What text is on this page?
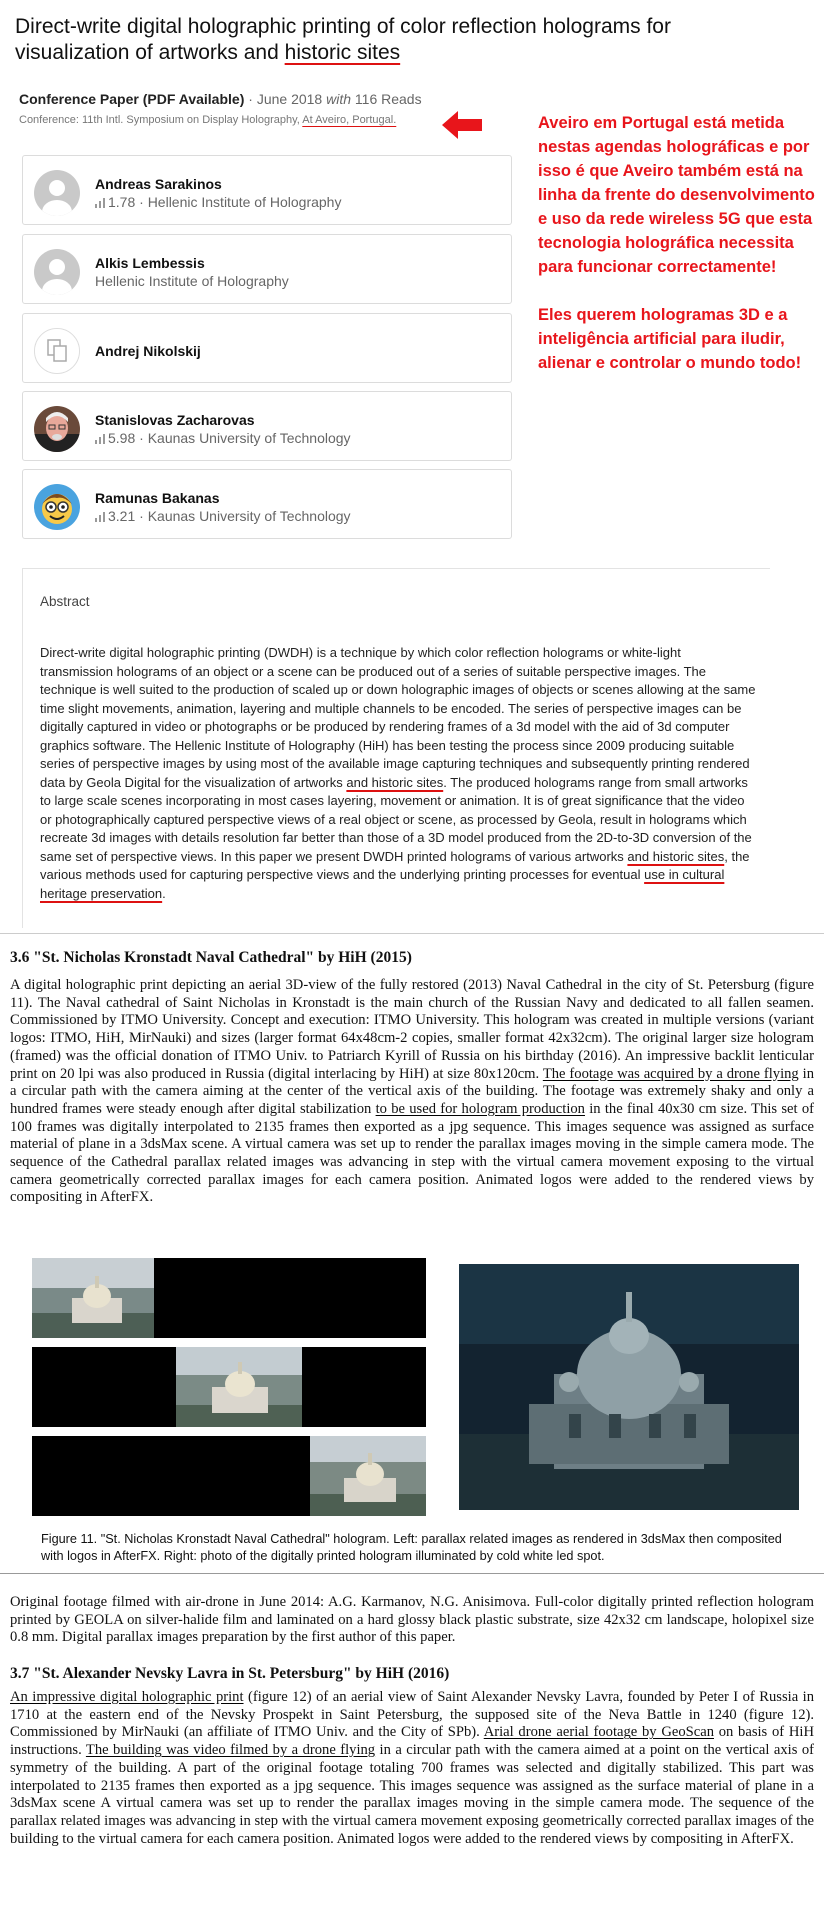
Direct-write digital holographic printing of color reflection holograms for visualization of artworks and historic sites
Conference Paper (PDF Available) · June 2018 with 116 Reads
Conference: 11th Intl. Symposium on Display Holography, At Aveiro, Portugal.	Aveiro em Portugal está metida nestas agendas holográficas e por isso é que Aveiro também está na linha da frente do desenvolvimento e uso da rede wireless 5G que esta tecnologia holográfica necessita para funcionar correctamente!

Eles querem hologramas 3D e a inteligência artificial para iludir, alienar e controlar o mundo todo!

Andreas Sarakinos
1.78 · Hellenic Institute of Holography
Alkis Lembessis
Hellenic Institute of Holography
Andrej Nikolskij
Stanislovas Zacharovas
5.98 · Kaunas University of Technology
Ramunas Bakanas
3.21 · Kaunas University of Technology
Abstract
Direct-write digital holographic printing (DWDH) is a technique by which color reflection holograms or white-light transmission holograms of an object or a scene can be produced out of a series of suitable perspective images. The technique is well suited to the production of scaled up or down holographic images of objects or scenes allowing at the same time slight movements, animation, layering and multiple channels to be encoded. The series of perspective images can be digitally captured in video or photographs or be produced by rendering frames of a 3d model with the aid of 3d computer graphics software. The Hellenic Institute of Holography (HiH) has been testing the process since 2009 producing suitable series of perspective images by using most of the available image capturing techniques and subsequently printing rendered data by Geola Digital for the visualization of artworks and historic sites. The produced holograms range from small artworks to large scale scenes incorporating in most cases layering, movement or animation. It is of great significance that the video or photographically captured perspective views of a real object or scene, as processed by Geola, result in holograms which recreate 3d images with details resolution far better than those of a 3D model produced from the 2D-to-3D conversion of the same set of perspective views. In this paper we present DWDH printed holograms of various artworks and historic sites, the various methods used for capturing perspective views and the underlying printing processes for eventual use in cultural heritage preservation.
3.6 "St. Nicholas Kronstadt Naval Cathedral" by HiH (2015)
A digital holographic print depicting an aerial 3D-view of the fully restored (2013) Naval Cathedral in the city of St. Petersburg (figure 11). The Naval cathedral of Saint Nicholas in Kronstadt is the main church of the Russian Navy and dedicated to all fallen seamen. Commissioned by ITMO University. Concept and execution: ITMO University. This hologram was created in multiple versions (variant logos: ITMO, HiH, MirNauki) and sizes (larger format 64x48cm-2 copies, smaller format 42x32cm). The original larger size hologram (framed) was the official donation of ITMO Univ. to Patriarch Kyrill of Russia on his birthday (2016). An impressive backlit lenticular print on 20 lpi was also produced in Russia (digital interlacing by HiH) at size 80x120cm. The footage was acquired by a drone flying in a circular path with the camera aiming at the center of the vertical axis of the building. The footage was extremely shaky and only a hundred frames were steady enough after digital stabilization to be used for hologram production in the final 40x30 cm size. This set of 100 frames was digitally interpolated to 2135 frames then exported as a jpg sequence. This images sequence was assigned as surface material of plane in a 3dsMax scene. A virtual camera was set up to render the parallax images moving in the simple camera mode. The sequence of the Cathedral parallax related images was advancing in step with the virtual camera movement exposing to the virtual camera geometrically corrected parallax images for each camera position. Animated logos were added to the rendered views by compositing in AfterFX.
Figure 11. "St. Nicholas Kronstadt Naval Cathedral" hologram. Left: parallax related images as rendered in 3dsMax then composited with logos in AfterFX. Right: photo of the digitally printed hologram illuminated by cold white led spot.
Original footage filmed with air-drone in June 2014: A.G. Karmanov, N.G. Anisimova. Full-color digitally printed reflection hologram printed by GEOLA on silver-halide film and laminated on a hard glossy black plastic substrate, size 42x32 cm landscape, holopixel size 0.8 mm. Digital parallax images preparation by the first author of this paper.
3.7 "St. Alexander Nevsky Lavra in St. Petersburg" by HiH (2016)
An impressive digital holographic print (figure 12) of an aerial view of Saint Alexander Nevsky Lavra, founded by Peter I of Russia in 1710 at the eastern end of the Nevsky Prospekt in Saint Petersburg, the supposed site of the Neva Battle in 1240 (figure 12). Commissioned by MirNauki (an affiliate of ITMO Univ. and the City of SPb). Arial drone aerial footage by GeoScan on basis of HiH instructions. The building was video filmed by a drone flying in a circular path with the camera aimed at a point on the vertical axis of symmetry of the building. A part of the original footage totaling 700 frames was selected and digitally stabilized. This part was interpolated to 2135 frames then exported as a jpg sequence. This images sequence was assigned as the surface material of plane in a 3dsMax scene A virtual camera was set up to render the parallax images moving in the simple camera mode. The sequence of the parallax related images was advancing in step with the virtual camera movement exposing geometrically corrected parallax images of the building to the virtual camera for each camera position. Animated logos were added to the rendered views by compositing in AfterFX.
